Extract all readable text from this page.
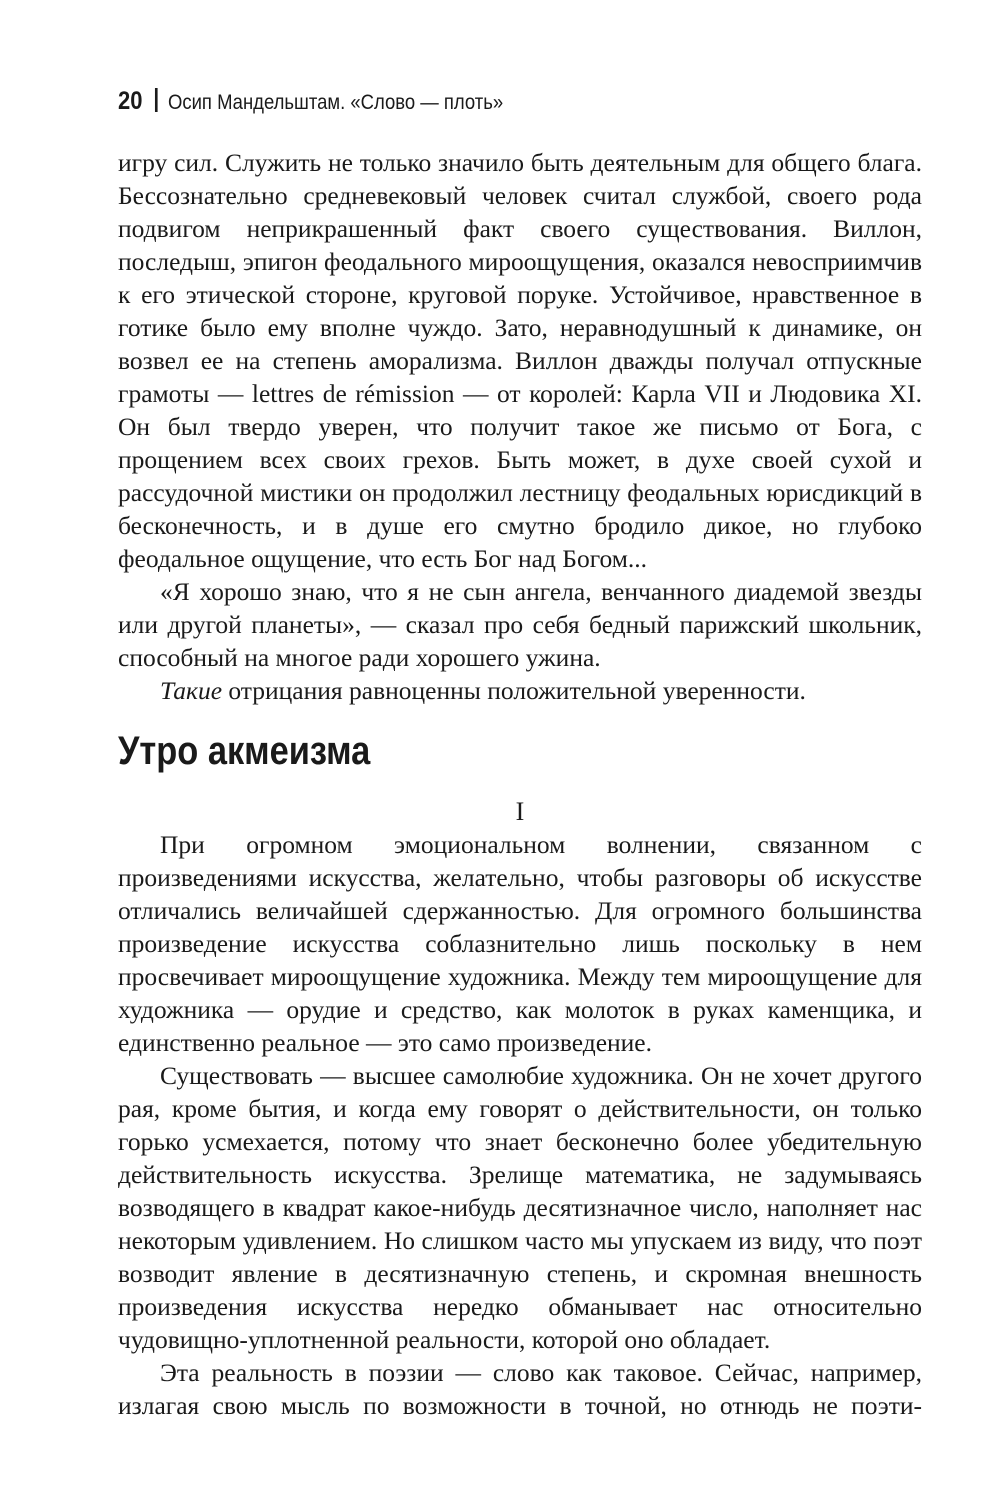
20 Осип Мандельштам. «Слово — плоть»

игру сил. Служить не только значило быть деятельным для общего блага. Бессознательно средневековый человек считал службой, своего рода подвигом неприкрашенный факт своего существования. Виллон, последыш, эпигон феодального мироощущения, оказался невосприимчив к его этической стороне, круговой поруке. Устойчивое, нравственное в готике было ему вполне чуждо. Зато, неравнодушный к динамике, он возвел ее на степень аморализма. Виллон дважды получал отпускные грамоты — lettres de rémission — от королей: Карла VII и Людовика XI. Он был твердо уверен, что получит такое же письмо от Бога, с прощением всех своих грехов. Быть может, в духе своей сухой и рассудочной мистики он продолжил лестницу феодальных юрисдикций в бесконечность, и в душе его смутно бродило дикое, но глубоко феодальное ощущение, что есть Бог над Богом...

«Я хорошо знаю, что я не сын ангела, венчанного диадемой звезды или другой планеты», — сказал про себя бедный парижский школьник, способный на многое ради хорошего ужина.

Такие отрицания равноценны положительной уверенности.

Утро акмеизма
I

При огромном эмоциональном волнении, связанном с произведениями искусства, желательно, чтобы разговоры об искусстве отличались величайшей сдержанностью. Для огромного большинства произведение искусства соблазнительно лишь поскольку в нем просвечивает мироощущение художника. Между тем мироощущение для художника — орудие и средство, как молоток в руках каменщика, и единственно реальное — это само произведение.

Существовать — высшее самолюбие художника. Он не хочет другого рая, кроме бытия, и когда ему говорят о действительности, он только горько усмехается, потому что знает бесконечно более убедительную действительность искусства. Зрелище математика, не задумываясь возводящего в квадрат какое-нибудь десятизначное число, наполняет нас некоторым удивлением. Но слишком часто мы упускаем из виду, что поэт возводит явление в десятизначную степень, и скромная внешность произведения искусства нередко обманывает нас относительно чудовищно-уплотненной реальности, которой оно обладает.

Эта реальность в поэзии — слово как таковое. Сейчас, например, излагая свою мысль по возможности в точной, но отнюдь не поэти-
